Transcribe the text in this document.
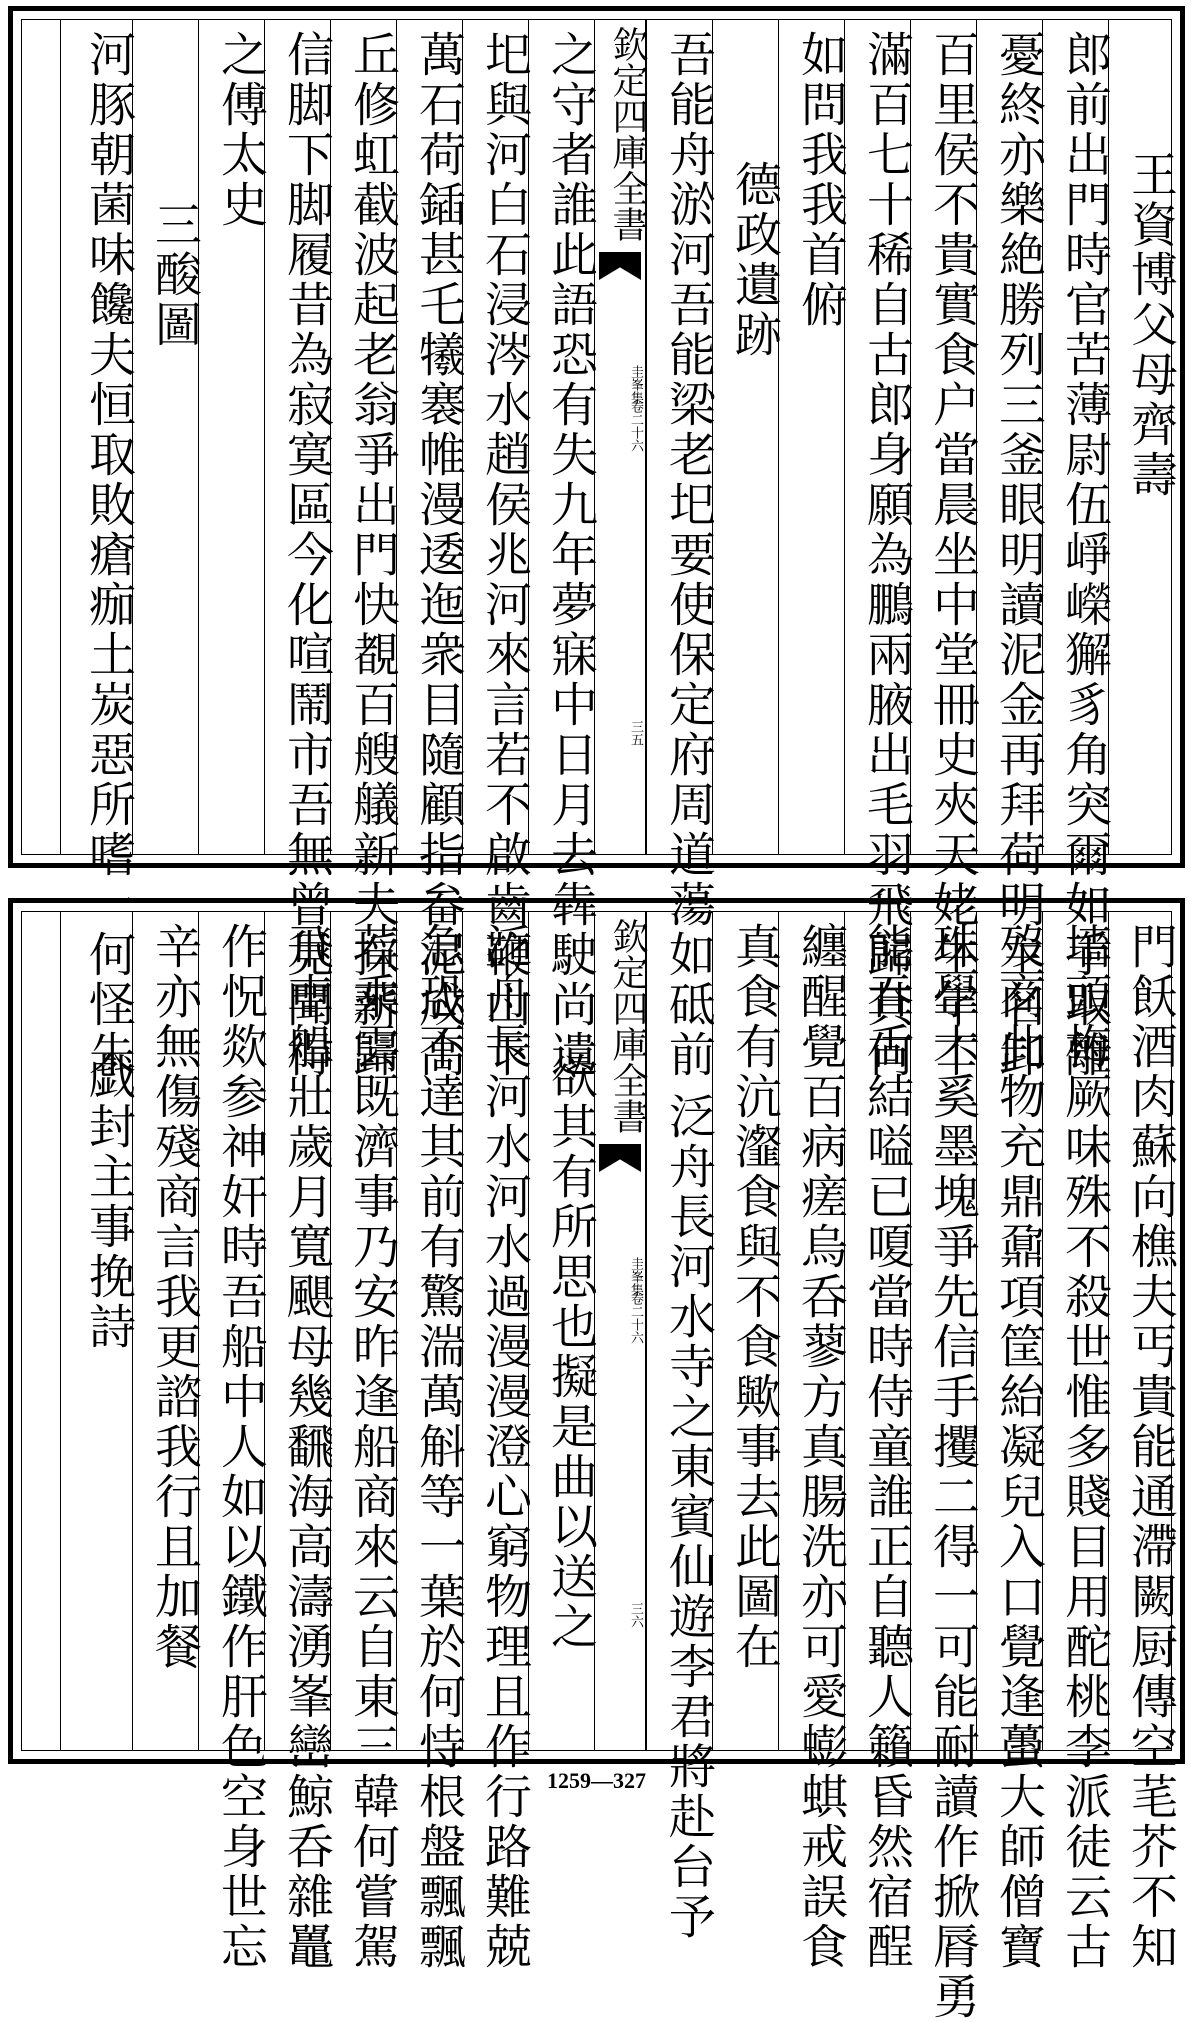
王資博父母齊壽
郎前出門時官苦薄尉伍崢嶸獬豸角突爾如手取離
憂終亦樂絶勝列三釜眼明讀泥金再拜荷明主名卸
百里侯不貴實食户當晨坐中堂冊史夾天姥生年不
滿百七十稀自古郎身願為鵬兩腋出毛羽飛歸其何
如問我我首俯
德政遺跡
吾能舟淤河吾能梁老圯要使保定府周道蕩如砥前
欽定四庫全書
圭峯集
卷二十六
三五
之守者誰此語恐有失九年夢寐中日月去犇駛尚遺
圯與河白石浸涔水趙侯兆河來言若不啟齒鞭山下
萬石荷鍤甚乇犧褰帷漫逶迤衆目隨顧指畚泥成高
丘修虹截波起老翁爭出門快覩百艘艤新夫採薪歸
信脚下脚履昔為寂寞區今化喧鬧市吾無曾見聞得
之傅太史
三酸圖
河豚朝菌味饞夫恒取敗瘡痂土炭惡所嗜一何怪朱
門飫酒肉蘇向樵夫丐貴能通滯闕厨傳空芼芥不知
墻頭梅厥味殊不殺世惟多賤目用酡桃李派徒云古
歿商此物充鼎鼐項筐紿凝兒入口覺逢蠆大師僧寶
珠學士奚墨塊爭先信手攫二得一可能耐讀作掀脣勇
能吞舌結嗌已嗄當時侍童誰正自聽人籟昏然宿酲
纏醒覺百病瘥烏呑蓼方真腸洗亦可愛蟛蜞戒誤食
真食有沆瀣食與不食歟事去此圖在
泛舟長河水寺之東賓仙遊李君將赴台予
欽定四庫全書
圭峯集
卷二十六
三六
欲其有所思也擬是曲以送之
泛舟長河水河水過漫漫澄心窮物理且作行路難兢
急恐不達其前有驚湍萬斛等一葉於何恃根盤飄飄
若乘雲既濟事乃安昨逢船商來云自東三韓何嘗駕
飛車船壯歲月寬颶母幾飜海高濤湧峯巒鯨呑雜鼉
作怳欻参神奸時吾船中人如以鐵作肝色空身世忘
辛亦無傷殘商言我更諮我行且加餐
戯封主事挽詩
1259—327
